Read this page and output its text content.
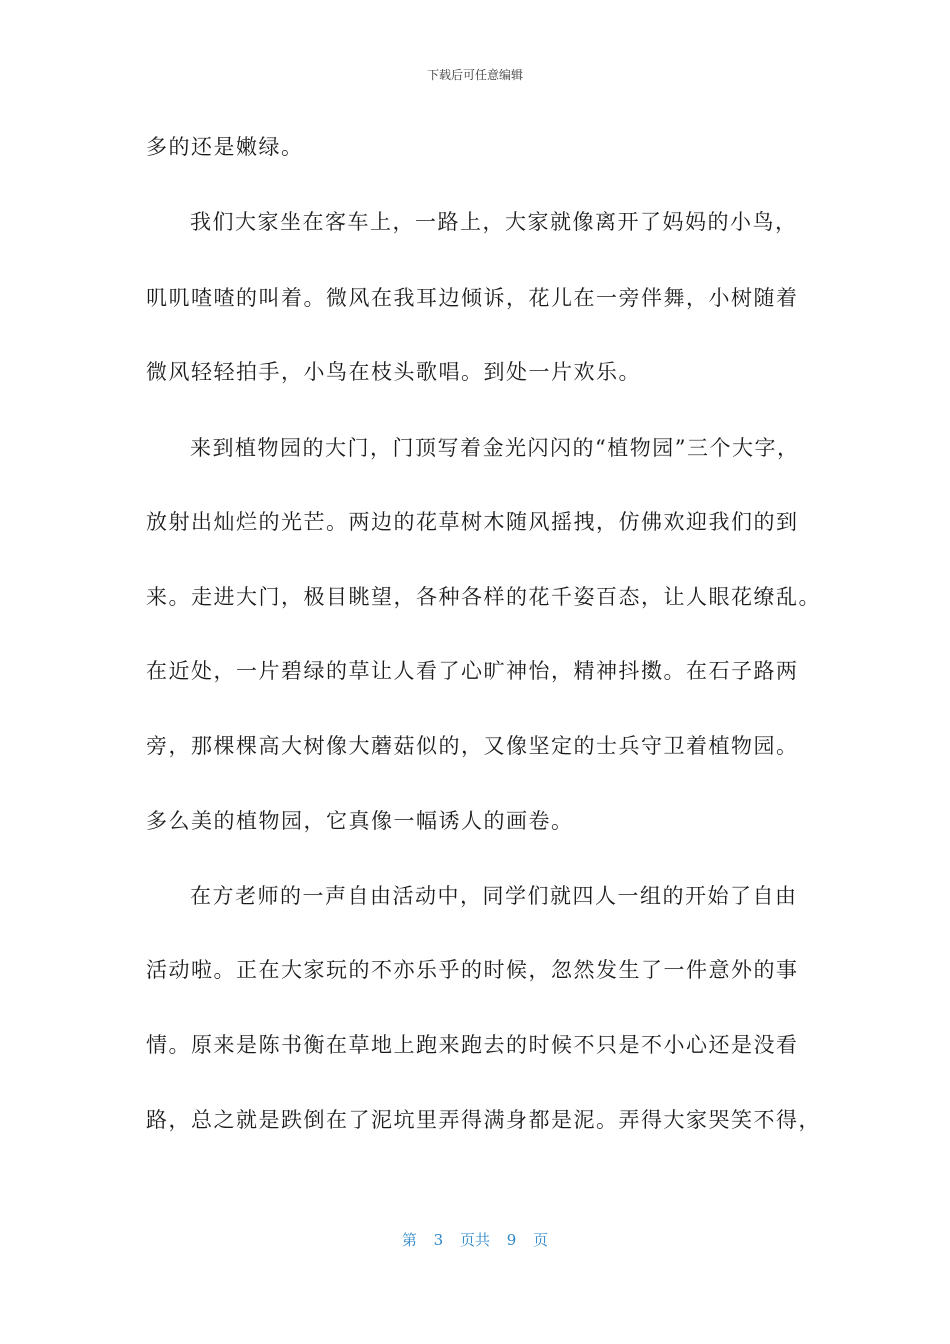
下载后可任意编辑
多的还是嫩绿。
我们大家坐在客车上，一路上，大家就像离开了妈妈的小鸟，
叽叽喳喳的叫着。微风在我耳边倾诉，花儿在一旁伴舞，小树随着
微风轻轻拍手，小鸟在枝头歌唱。到处一片欢乐。
来到植物园的大门，门顶写着金光闪闪的“植物园”三个大字，
放射出灿烂的光芒。两边的花草树木随风摇拽，仿佛欢迎我们的到
来。走进大门，极目眺望，各种各样的花千姿百态，让人眼花缭乱。
在近处，一片碧绿的草让人看了心旷神怡，精神抖擞。在石子路两
旁，那棵棵高大树像大蘑菇似的，又像坚定的士兵守卫着植物园。
多么美的植物园，它真像一幅诱人的画卷。
在方老师的一声自由活动中，同学们就四人一组的开始了自由
活动啦。正在大家玩的不亦乐乎的时候，忽然发生了一件意外的事
情。原来是陈书衡在草地上跑来跑去的时候不只是不小心还是没看
路，总之就是跌倒在了泥坑里弄得满身都是泥。弄得大家哭笑不得，
第 3 页共 9 页
